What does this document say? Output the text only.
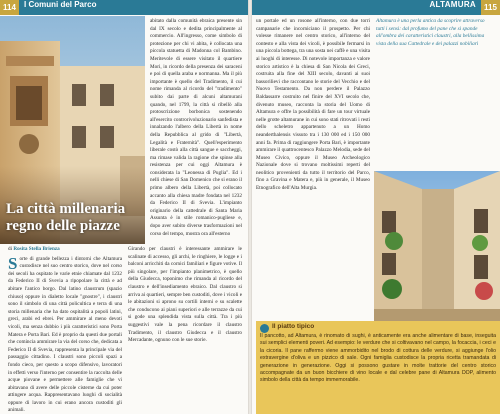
114	I Comuni del Parco	ALTAMURA	115
La città millenaria
regno delle piazze
abitato dalla comunità ebraica presente sin dal IX secolo e dedita principalmente al commercio. All'ingresso, come simbolo di protezione per chi vi abita, è collocata una piccola statuetta di Madonna col Bambino. Meritevole di essere visitato il quartiere Mori, in ricordo della presenza dei saraceni e poi di quella araba e normanna. Ma il più importante è quello del Tradimento, il cui nome rimanda al ricordo del "tradimento" subito dai parte di alcuni altamurani quando, nel 1799, la città si ribellò alla protoscrizione borbonica sostenendo all'esercito controrivoluzionario sanfedista e innalzando l'albero della Libertà in nome della Repubblica al grido di "Libertà, Legalità e Fraternità". Quell'esperimento liberale costò alla città sangue e saccheggi, ma rimase valida la ragione che spinse alla resistenza per cui oggi Altamura è considerata la "Leonessa di Puglia". Ed i nelli chiese di San Domenico che si erano il primo albero della Libertà, poi collocato accanto alla chiesa madre fondata nel 1232 da Federico II di Svevia. L'impianto originario della cattedrale di Santa Maria Assunta è in stile romanico-pugliese e, dopo aver subito diverse trasformazioni nel corso del tempo, mostra ora all'esterno
di Rosita Stella Brienza
S orte di grande bellezza i dintorni che Altamura custodisce nel suo centro storico, dove nel corso dei secoli ha ospitato le varie etnie chiamate dal 1232 da Federico II di Svevia a ripopolare la città e ad abitare l'antico borgo. Dal latino claustrum (spazio chiuso) oppure in dialetto locale "gnostre", i claustri sono il simbolo di una città policultica e terra di una storia millenaria che ha dato ospitalità a popoli latini, greci, arabi ed ebrei. Per ammirare al meno devoti vicoli, ma senza dubbio i più caratteristici sono Porta Matera e Porta Bari. Ed è proprio da questi due portali che comincia ammirare la via del corso che, dedicata a Federico II di Svevia, rappresenta la principale via del passaggio cittadino. I claustri sono piccoli spazi a fondo cieco, per questo a scopo difensivo, lavoratori in effetti verso l'interno per consentire la raccolta delle acque piovane e permettere alle famiglie che vi abitavano di avere delle piccole cisterne da cui poter attingere acqua. Rappresentavano luoghi di socialità oppure di lavoro in cui erano ancora custoditi gli animali.
Girando per claustri è interessante ammirare le scalinate di accesso, gli archi, le ringhiere, le logge e i balconi arricchiti da cornici familiari e figure votive. Il più singolare, per l'impianto planimetrico, è quello della Giudecca, toponimo che rimanda al ricordo del claustro e dell'insediamento ebraico. Dal claustro si arriva ai quartieri, sempre ben custoditi, dove i vicoli e le abitazioni si aprono su cortili interni e su scalette che conducono ai piani superiori e alle terrazze da cui si gode una splendida vista sulla città. Tra i più suggestivi vale la pena ricordare il claustro Tradimento, il claustro Giudecca e il claustro Mercadante, ognuno con le sue storie.
un portale ed un rosone all'interno, con due torri campanarie che incorniciano il prospetto. Per chi volesse rimanere nel centro storico, all'interno del contesto e alla vista dei vicoli, è possibile fermarsi in una piccola bottega, tra una sosta nei caffè e una visita ai luoghi di interesse. Di notevole importanza e valore storico artistico è la chiesa di San Nicola dei Greci, costruita alla fine del XIII secolo, davanti ai suoi bassorilievi che raccontano le storie del Vecchio e del Nuovo Testamento. Da non perdere il Palazzo Baldassarre costruito nel finire del XVI secolo che, divenuto museo, racconta la storia del Uomo di Altamura e offre la possibilità di fare un tour virtuale nelle grotte altamurane in cui sono stati ritrovati i resti dello scheletro appartenuto a un Homo neanderthalensis vissuto tra i 130 000 ed i 150 000 anni fa. Prima di raggiungere Porta Bari, è importante ammirare il quattrocentesco Palazzo Melodia, sede del Museo Civico, oppure il Museo Archeologico Nazionale dove si trovano moltissimi reperti del neolitico provenienti da tutto il territorio del Parco, fino a Gravina e Matera e, più in generale, il Museo Etnografico dell'Alta Murgia.
Altamura è una perla antica da scoprire attraverso tutti i sensi: dal profumo del pane che si spande all'ombra dei caratteristici claustri, alla bellissima vista della sua Cattedrale e dei palazzi nobiliari
Il piatto tipico
Il pancotto, ad Altamura, è rinomato di sughi, è anticamente era anche alimentare di base, inseguita sui semplici elementi poveri. Ad esempio: le verdure che si coltivavano nel campo, la focaccia, i ceci e la cicoria. Il pane raffermo viene ammorbidito nel brodo di cottura delle verdure, si aggiunge l'olio extravergine d'oliva e un pizzico di sale. Ogni famiglia custodisce la propria ricetta tramandata di generazione in generazione. Oggi si possono gustare in molte trattorie del centro storico accompagnate da un buon bicchiere di vino locale e dal celebre pane di Altamura DOP, alimento simbolo della città da tempo immemorabile.
